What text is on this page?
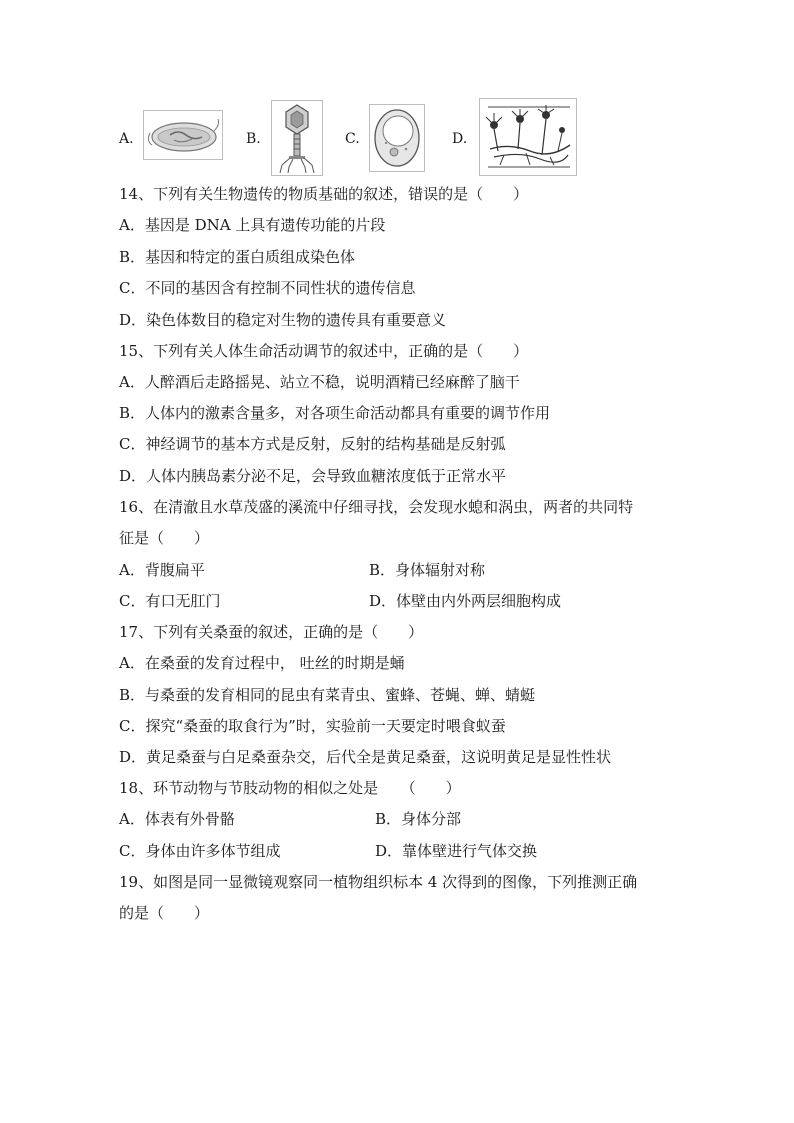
A.	B.	C.	D.
14、下列有关生物遗传的物质基础的叙述，错误的是（　　）
A．基因是 DNA 上具有遗传功能的片段
B．基因和特定的蛋白质组成染色体
C．不同的基因含有控制不同性状的遗传信息
D．染色体数目的稳定对生物的遗传具有重要意义
15、下列有关人体生命活动调节的叙述中，正确的是（　　）
A．人醉酒后走路摇晃、站立不稳，说明酒精已经麻醉了脑干
B．人体内的激素含量多，对各项生命活动都具有重要的调节作用
C．神经调节的基本方式是反射，反射的结构基础是反射弧
D．人体内胰岛素分泌不足，会导致血糖浓度低于正常水平
16、在清澈且水草茂盛的溪流中仔细寻找，会发现水螅和涡虫，两者的共同特
征是（　　）
A．背腹扁平	B．身体辐射对称
C．有口无肛门	D．体壁由内外两层细胞构成
17、下列有关桑蚕的叙述，正确的是（　　）
A．在桑蚕的发育过程中， 吐丝的时期是蛹
B．与桑蚕的发育相同的昆虫有菜青虫、蜜蜂、苍蝇、蝉、蜻蜓
C．探究“桑蚕的取食行为”时，实验前一天要定时喂食蚁蚕
D．黄足桑蚕与白足桑蚕杂交，后代全是黄足桑蚕，这说明黄足是显性性状
18、环节动物与节肢动物的相似之处是　　（　　）
A．体表有外骨骼	B．身体分部
C．身体由许多体节组成	D．靠体壁进行气体交换
19、如图是同一显微镜观察同一植物组织标本 4 次得到的图像，下列推测正确
的是（　　）
